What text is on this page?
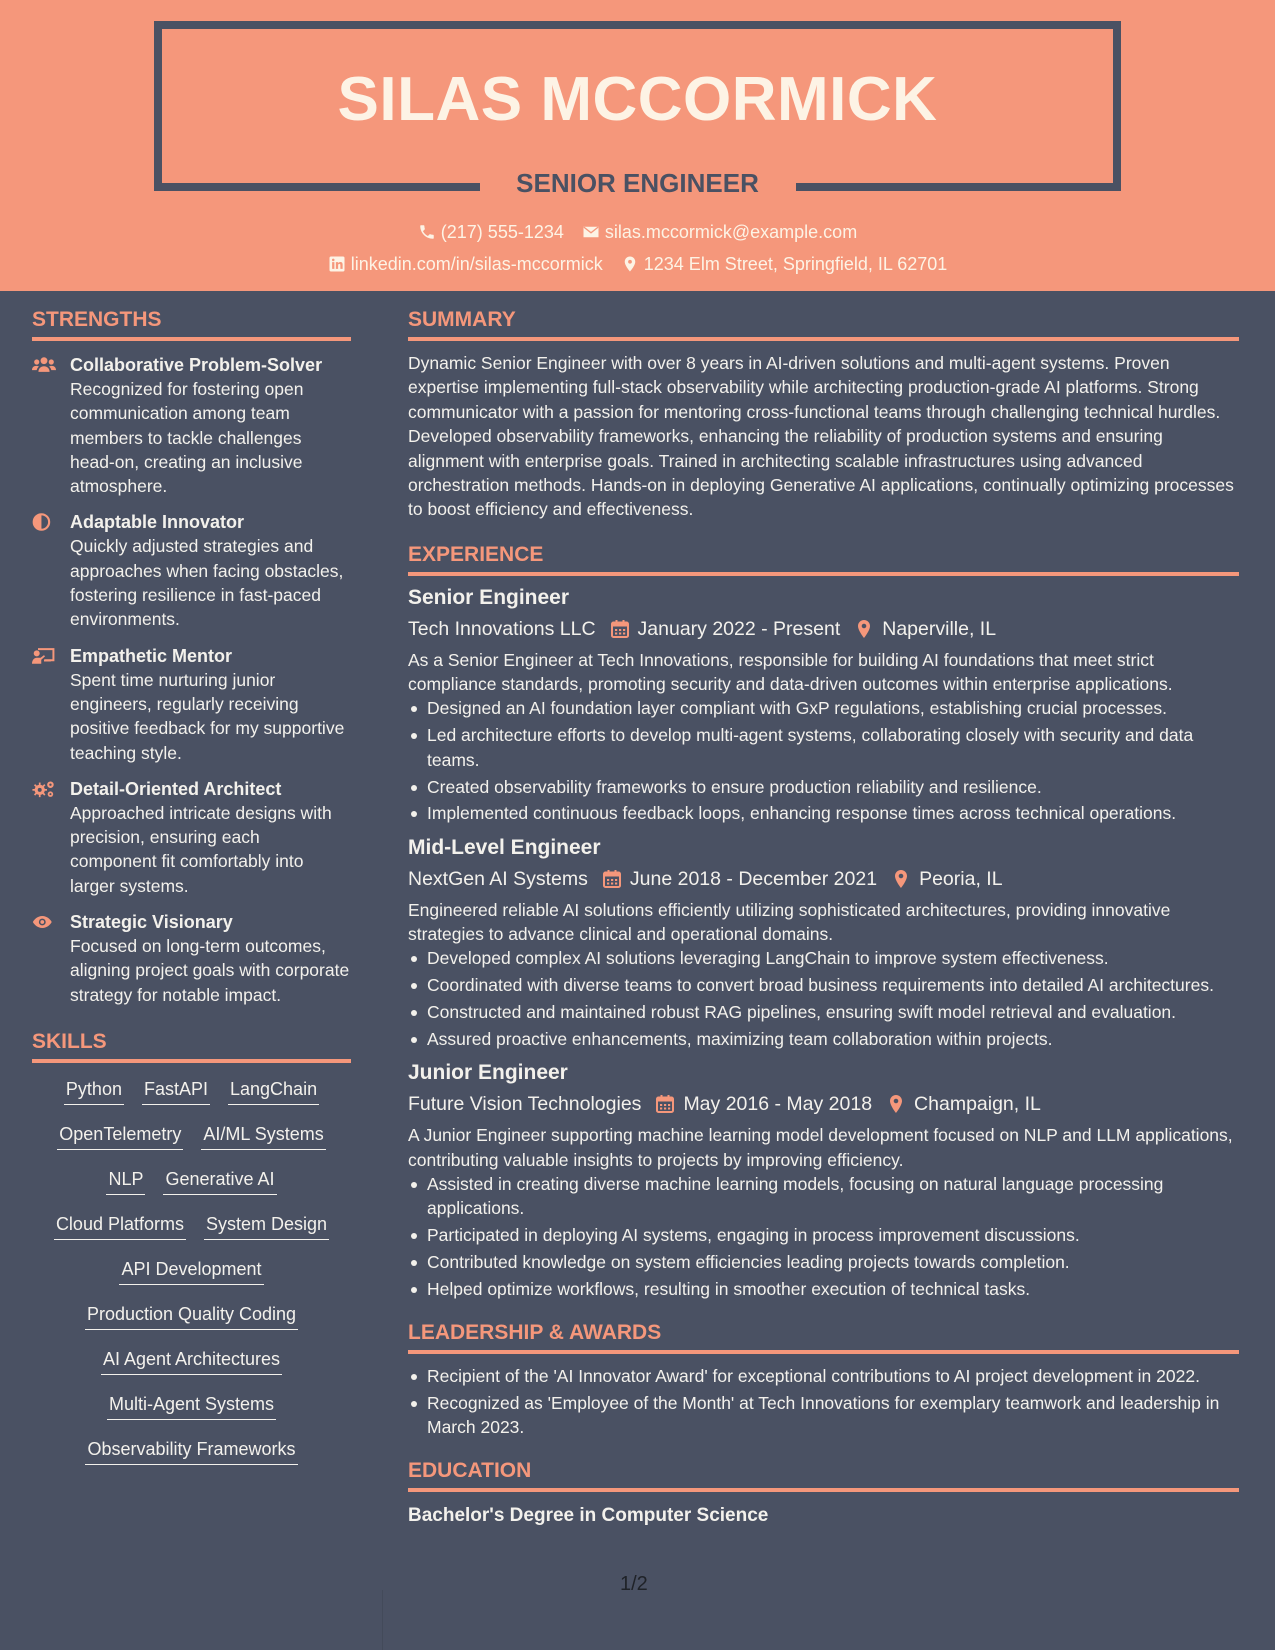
SILAS MCCORMICK
SENIOR ENGINEER
(217) 555-1234 silas.mccormick@example.com
linkedin.com/in/silas-mccormick 1234 Elm Street, Springfield, IL 62701
STRENGTHS
Collaborative Problem-Solver
Recognized for fostering open communication among team members to tackle challenges head-on, creating an inclusive atmosphere.
Adaptable Innovator
Quickly adjusted strategies and approaches when facing obstacles, fostering resilience in fast-paced environments.
Empathetic Mentor
Spent time nurturing junior engineers, regularly receiving positive feedback for my supportive teaching style.
Detail-Oriented Architect
Approached intricate designs with precision, ensuring each component fit comfortably into larger systems.
Strategic Visionary
Focused on long-term outcomes, aligning project goals with corporate strategy for notable impact.
SKILLS
Python FastAPI LangChain
OpenTelemetry AI/ML Systems
NLP Generative AI
Cloud Platforms System Design
API Development
Production Quality Coding
AI Agent Architectures
Multi-Agent Systems
Observability Frameworks
SUMMARY
Dynamic Senior Engineer with over 8 years in AI-driven solutions and multi-agent systems. Proven expertise implementing full-stack observability while architecting production-grade AI platforms. Strong communicator with a passion for mentoring cross-functional teams through challenging technical hurdles. Developed observability frameworks, enhancing the reliability of production systems and ensuring alignment with enterprise goals. Trained in architecting scalable infrastructures using advanced orchestration methods. Hands-on in deploying Generative AI applications, continually optimizing processes to boost efficiency and effectiveness.
EXPERIENCE
Senior Engineer
Tech Innovations LLC January 2022 - Present Naperville, IL
As a Senior Engineer at Tech Innovations, responsible for building AI foundations that meet strict compliance standards, promoting security and data-driven outcomes within enterprise applications.
Designed an AI foundation layer compliant with GxP regulations, establishing crucial processes.
Led architecture efforts to develop multi-agent systems, collaborating closely with security and data teams.
Created observability frameworks to ensure production reliability and resilience.
Implemented continuous feedback loops, enhancing response times across technical operations.
Mid-Level Engineer
NextGen AI Systems June 2018 - December 2021 Peoria, IL
Engineered reliable AI solutions efficiently utilizing sophisticated architectures, providing innovative strategies to advance clinical and operational domains.
Developed complex AI solutions leveraging LangChain to improve system effectiveness.
Coordinated with diverse teams to convert broad business requirements into detailed AI architectures.
Constructed and maintained robust RAG pipelines, ensuring swift model retrieval and evaluation.
Assured proactive enhancements, maximizing team collaboration within projects.
Junior Engineer
Future Vision Technologies May 2016 - May 2018 Champaign, IL
A Junior Engineer supporting machine learning model development focused on NLP and LLM applications, contributing valuable insights to projects by improving efficiency.
Assisted in creating diverse machine learning models, focusing on natural language processing applications.
Participated in deploying AI systems, engaging in process improvement discussions.
Contributed knowledge on system efficiencies leading projects towards completion.
Helped optimize workflows, resulting in smoother execution of technical tasks.
LEADERSHIP & AWARDS
Recipient of the 'AI Innovator Award' for exceptional contributions to AI project development in 2022.
Recognized as 'Employee of the Month' at Tech Innovations for exemplary teamwork and leadership in March 2023.
EDUCATION
Bachelor's Degree in Computer Science
1/2
